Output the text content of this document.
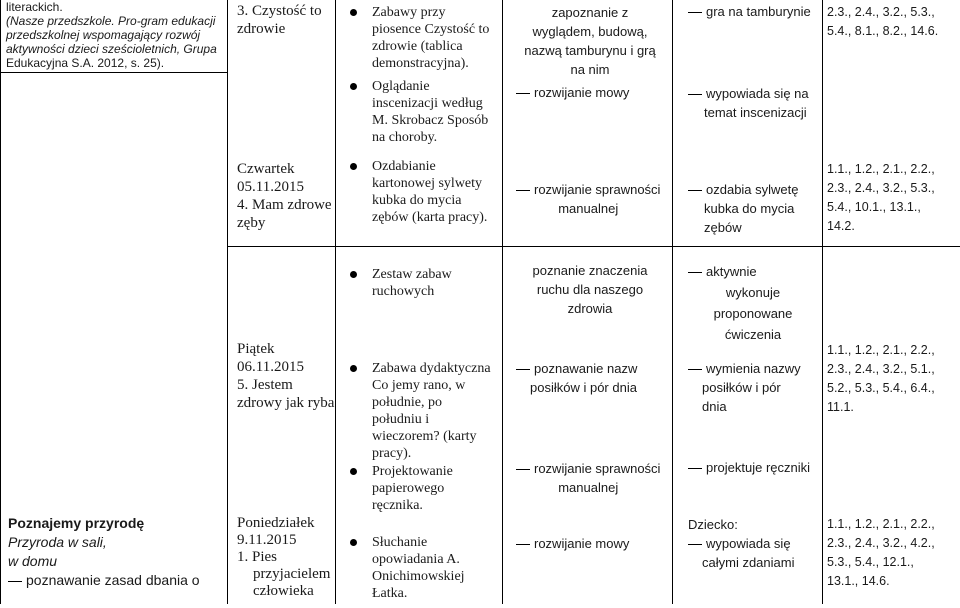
literackich.
(Nasze przedszkole. Pro-gram edukacji
przedszkolnej wspomagający rozwój
aktywności dzieci sześcioletnich, Grupa
Edukacyjna S.A. 2012, s. 25).
Poznajemy przyrodę
Przyroda w sali,
w domu
poznawanie zasad dbania o
3. Czystość to
zdrowie
Czwartek
05.11.2015
4. Mam zdrowe
zęby
Piątek
06.11.2015
5. Jestem
zdrowy jak ryba
Poniedziałek
9.11.2015
1. Pies
przyjacielem
człowieka
Zabawy przy piosence Czystość to zdrowie (tablica demonstracyjna).
Oglądanie inscenizacji według M. Skrobacz Sposób na choroby.
Ozdabianie kartonowej sylwety kubka do mycia zębów (karta pracy).
Zestaw zabaw ruchowych
Zabawa dydaktyczna Co jemy rano, w południe, po południu i wieczorem? (karty pracy).
Projektowanie papierowego ręcznika.
Słuchanie opowiadania A. Onichimowskiej Łatka.
zapoznanie z
wyglądem, budową,
nazwą tamburynu i grą
na nim
rozwijanie mowy
rozwijanie sprawności
manualnej
poznanie znaczenia
ruchu dla naszego
zdrowia
poznawanie nazw
posiłków i pór dnia
rozwijanie sprawności
manualnej
rozwijanie mowy
gra na tamburynie
wypowiada się na
temat inscenizacji
ozdabia sylwetę
kubka do mycia
zębów
aktywnie
wykonuje
proponowane
ćwiczenia
wymienia nazwy
posiłków i pór
dnia
projektuje ręczniki
Dziecko:
wypowiada się
całymi zdaniami
2.3., 2.4., 3.2., 5.3.,
5.4., 8.1., 8.2., 14.6.
1.1., 1.2., 2.1., 2.2.,
2.3., 2.4., 3.2., 5.3.,
5.4., 10.1., 13.1.,
14.2.
1.1., 1.2., 2.1., 2.2.,
2.3., 2.4., 3.2., 5.1.,
5.2., 5.3., 5.4., 6.4.,
11.1.
1.1., 1.2., 2.1., 2.2.,
2.3., 2.4., 3.2., 4.2.,
5.3., 5.4., 12.1.,
13.1., 14.6.
